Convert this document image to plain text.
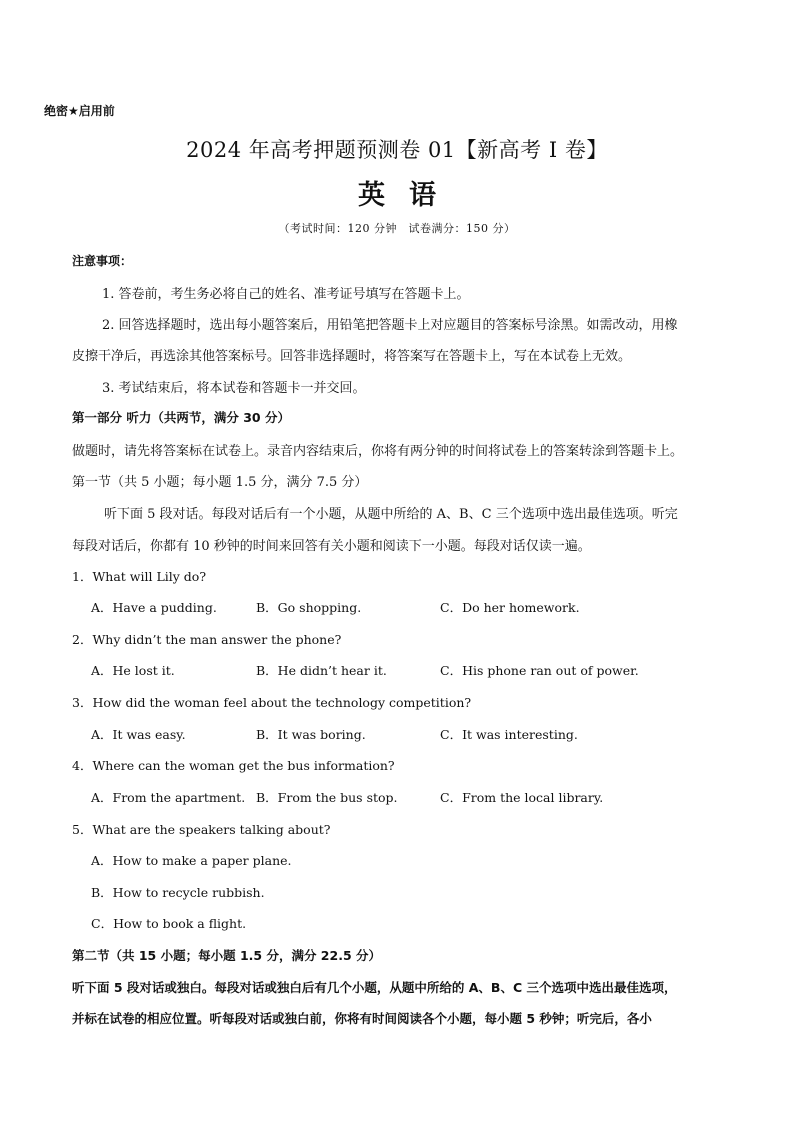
绝密★启用前
2024 年高考押题预测卷 01【新高考 I 卷】
英语
（考试时间：120 分钟　试卷满分：150 分）
注意事项：
1. 答卷前，考生务必将自己的姓名、准考证号填写在答题卡上。
2. 回答选择题时，选出每小题答案后，用铅笔把答题卡上对应题目的答案标号涂黑。如需改动，用橡
皮擦干净后，再选涂其他答案标号。回答非选择题时，将答案写在答题卡上，写在本试卷上无效。
3. 考试结束后，将本试卷和答题卡一并交回。
第一部分 听力（共两节，满分 30 分）
做题时，请先将答案标在试卷上。录音内容结束后，你将有两分钟的时间将试卷上的答案转涂到答题卡上。
第一节（共 5 小题；每小题 1.5 分，满分 7.5 分）
听下面 5 段对话。每段对话后有一个小题，从题中所给的 A、B、C 三个选项中选出最佳选项。听完
每段对话后，你都有 10 秒钟的时间来回答有关小题和阅读下一小题。每段对话仅读一遍。
1．What will Lily do?
A．Have a pudding.	B．Go shopping.	C．Do her homework.
2．Why didn’t the man answer the phone?
A．He lost it.	B．He didn’t hear it.	C．His phone ran out of power.
3．How did the woman feel about the technology competition?
A．It was easy.	B．It was boring.	C．It was interesting.
4．Where can the woman get the bus information?
A．From the apartment. B．From the bus stop.	C．From the local library.
5．What are the speakers talking about?
A．How to make a paper plane.
B．How to recycle rubbish.
C．How to book a flight.
第二节（共 15 小题；每小题 1.5 分，满分 22.5 分）
听下面 5 段对话或独白。每段对话或独白后有几个小题，从题中所给的 A、B、C 三个选项中选出最佳选项，
并标在试卷的相应位置。听每段对话或独白前，你将有时间阅读各个小题，每小题 5 秒钟；听完后，各小
